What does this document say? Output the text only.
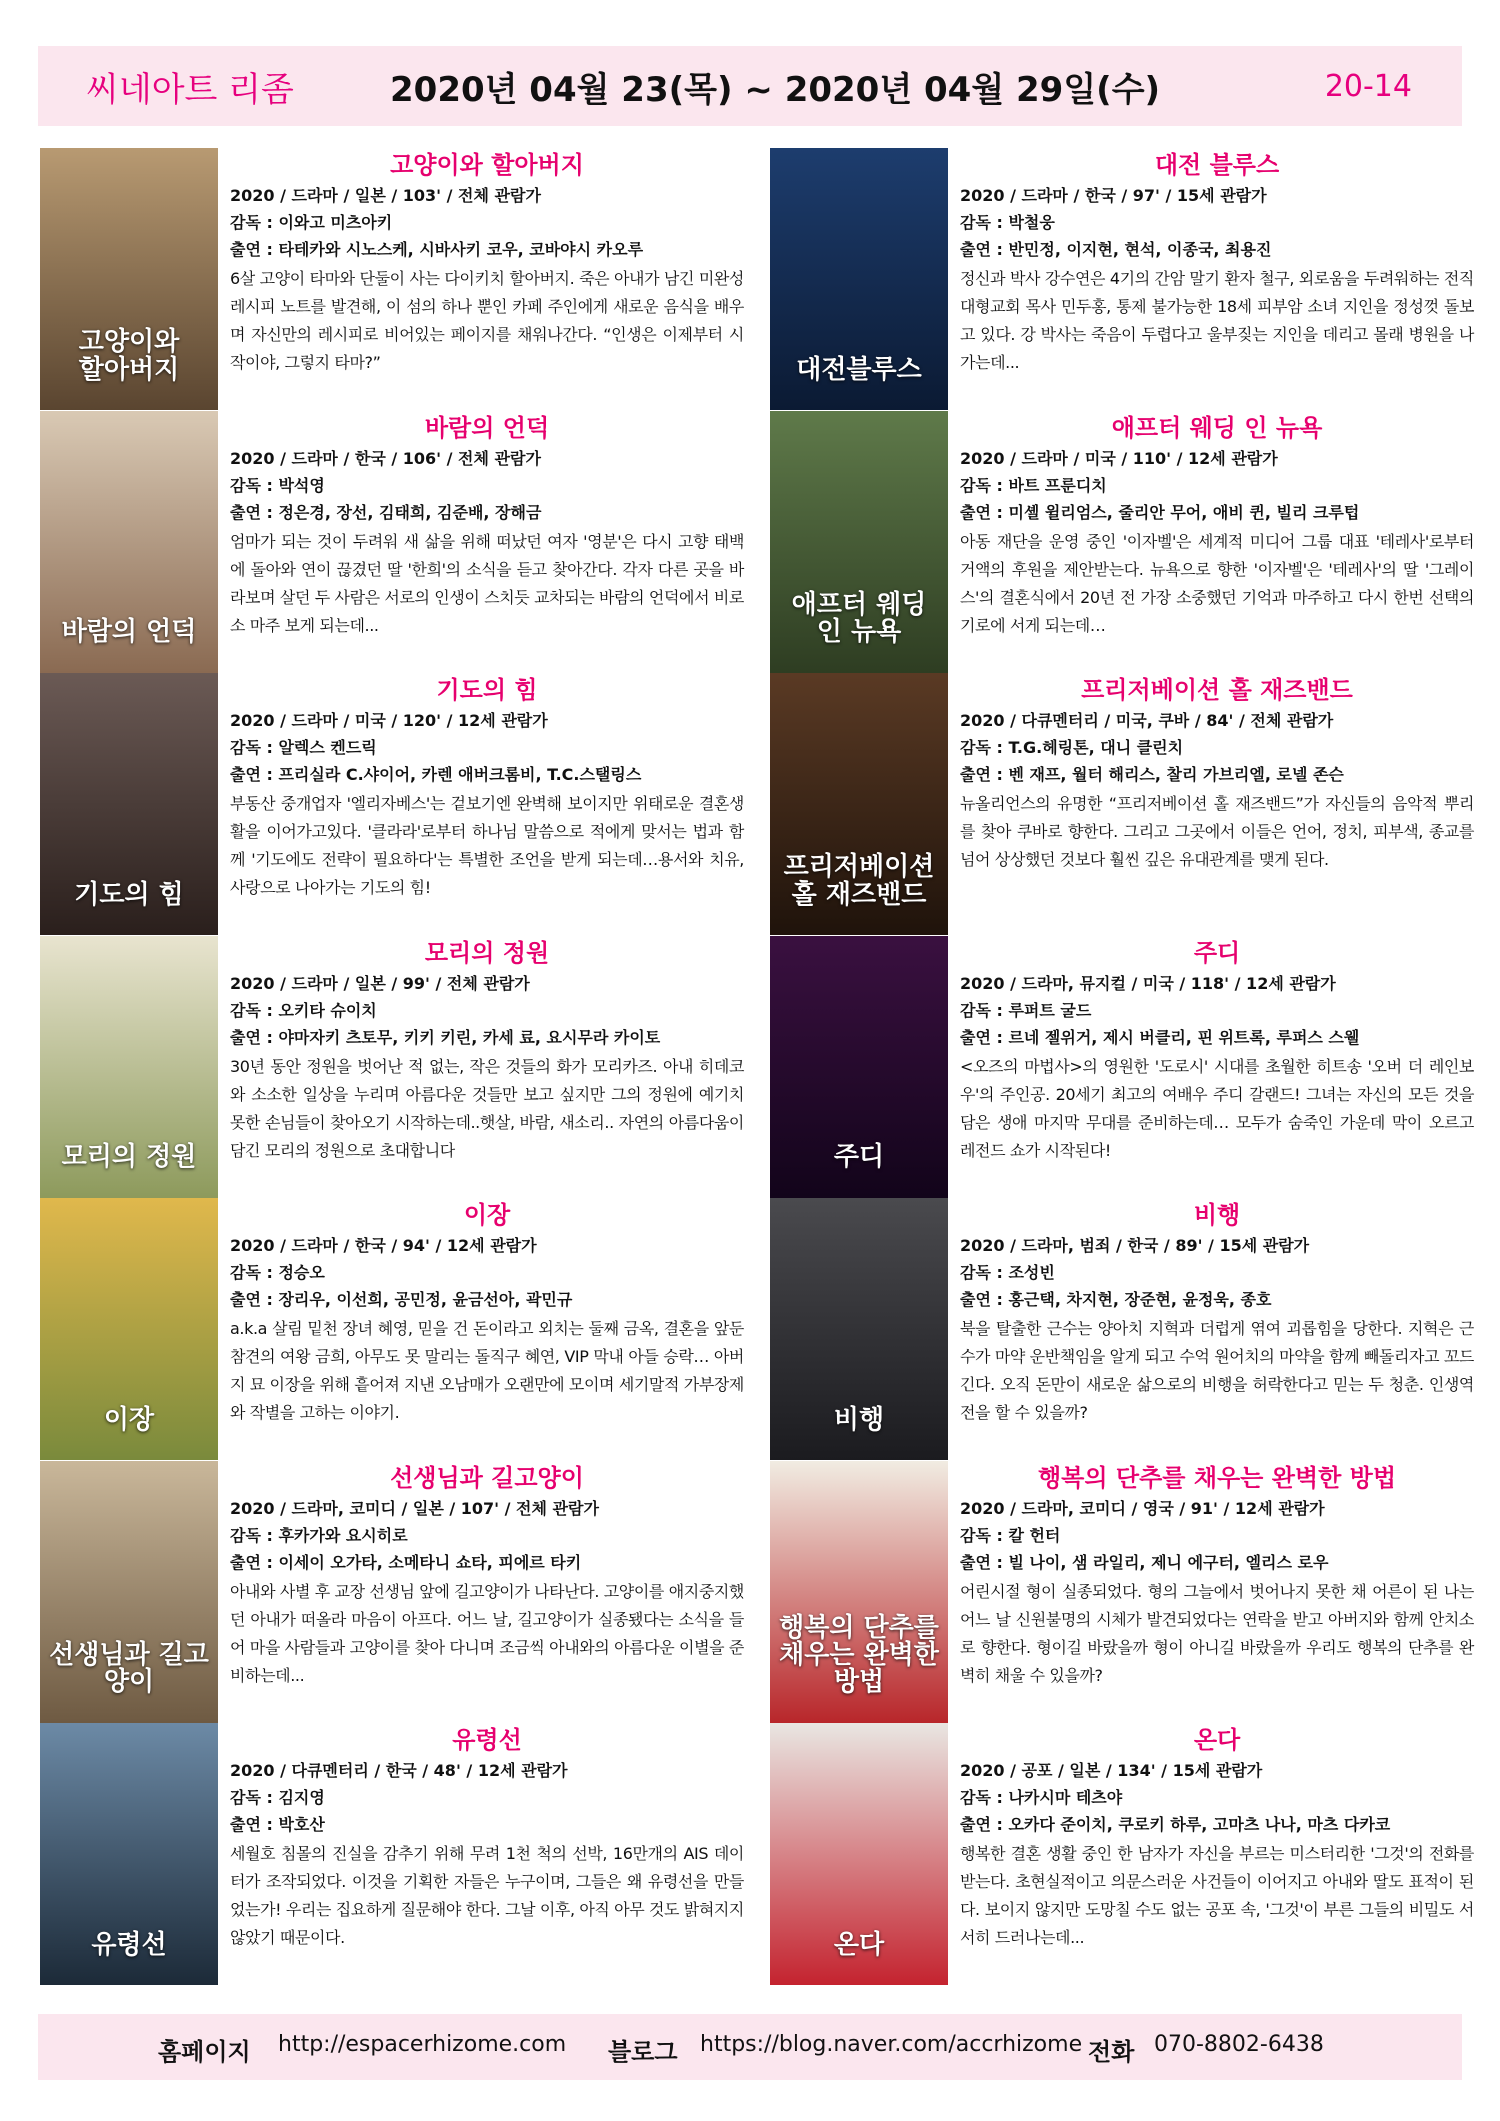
씨네아트 리좀	2020년 04월 23(목) ~ 2020년 04월 29일(수)	20-14
고양이와
할아버지
고양이와 할아버지
2020 / 드라마 / 일본 / 103' / 전체 관람가
감독 : 이와고 미츠아키
출연 : 타테카와 시노스케, 시바사키 코우, 코바야시 카오루
6살 고양이 타마와 단둘이 사는 다이키치 할아버지. 죽은 아내가 남긴 미완성 레시피 노트를 발견해, 이 섬의 하나 뿐인 카페 주인에게 새로운 음식을 배우며 자신만의 레시피로 비어있는 페이지를 채워나간다. “인생은 이제부터 시작이야, 그렇지 타마?”	대전블루스
대전 블루스
2020 / 드라마 / 한국 / 97' / 15세 관람가
감독 : 박철웅
출연 : 반민정, 이지현, 현석, 이종국, 최용진
정신과 박사 강수연은 4기의 간암 말기 환자 철구, 외로움을 두려워하는 전직 대형교회 목사 민두홍, 통제 불가능한 18세 피부암 소녀 지인을 정성껏 돌보고 있다. 강 박사는 죽음이 두렵다고 울부짖는 지인을 데리고 몰래 병원을 나가는데...
바람의 언덕
바람의 언덕
2020 / 드라마 / 한국 / 106' / 전체 관람가
감독 : 박석영
출연 : 정은경, 장선, 김태희, 김준배, 장해금
엄마가 되는 것이 두려워 새 삶을 위해 떠났던 여자 '영분'은 다시 고향 태백에 돌아와 연이 끊겼던 딸 '한희'의 소식을 듣고 찾아간다. 각자 다른 곳을 바라보며 살던 두 사람은 서로의 인생이 스치듯 교차되는 바람의 언덕에서 비로소 마주 보게 되는데...
애프터 웨딩 인 뉴욕
애프터 웨딩 인 뉴욕
2020 / 드라마 / 미국 / 110' / 12세 관람가
감독 : 바트 프룬디치
출연 : 미셸 윌리엄스, 줄리안 무어, 애비 퀸, 빌리 크루텁
아동 재단을 운영 중인 '이자벨'은 세계적 미디어 그룹 대표 '테레사'로부터 거액의 후원을 제안받는다. 뉴욕으로 향한 '이자벨'은 '테레사'의 딸 '그레이스'의 결혼식에서 20년 전 가장 소중했던 기억과 마주하고 다시 한번 선택의 기로에 서게 되는데…
기도의 힘
기도의 힘
2020 / 드라마 / 미국 / 120' / 12세 관람가
감독 : 알렉스 켄드릭
출연 : 프리실라 C.샤이어, 카렌 애버크롬비, T.C.스탤링스
부동산 중개업자 '엘리자베스'는 겉보기엔 완벽해 보이지만 위태로운 결혼생활을 이어가고있다. '클라라'로부터 하나님 말씀으로 적에게 맞서는 법과 함께 '기도에도 전략이 필요하다'는 특별한 조언을 받게 되는데…용서와 치유, 사랑으로 나아가는 기도의 힘!
프리저베이션 홀 재즈밴드
프리저베이션 홀 재즈밴드
2020 / 다큐멘터리 / 미국, 쿠바 / 84' / 전체 관람가
감독 : T.G.헤링톤, 대니 클린치
출연 : 벤 재프, 월터 해리스, 찰리 가브리엘, 로넬 존슨
뉴올리언스의 유명한 “프리저베이션 홀 재즈밴드”가 자신들의 음악적 뿌리를 찾아 쿠바로 향한다. 그리고 그곳에서 이들은 언어, 정치, 피부색, 종교를 넘어 상상했던 것보다 훨씬 깊은 유대관계를 맺게 된다.
모리의 정원
모리의 정원
2020 / 드라마 / 일본 / 99' / 전체 관람가
감독 : 오키타 슈이치
출연 : 야마자키 츠토무, 키키 키린, 카세 료, 요시무라 카이토
30년 동안 정원을 벗어난 적 없는, 작은 것들의 화가 모리카즈. 아내 히데코와 소소한 일상을 누리며 아름다운 것들만 보고 싶지만 그의 정원에 예기치 못한 손님들이 찾아오기 시작하는데..햇살, 바람, 새소리.. 자연의 아름다움이 담긴 모리의 정원으로 초대합니다	주디
주디
2020 / 드라마, 뮤지컬 / 미국 / 118' / 12세 관람가
감독 : 루퍼트 굴드
출연 : 르네 젤위거, 제시 버클리, 핀 위트록, 루퍼스 스웰
<오즈의 마법사>의 영원한 '도로시' 시대를 초월한 히트송 '오버 더 레인보우'의 주인공. 20세기 최고의 여배우 주디 갈랜드! 그녀는 자신의 모든 것을 담은 생애 마지막 무대를 준비하는데… 모두가 숨죽인 가운데 막이 오르고 레전드 쇼가 시작된다!
이장
이장
2020 / 드라마 / 한국 / 94' / 12세 관람가
감독 : 정승오
출연 : 장리우, 이선희, 공민정, 윤금선아, 곽민규
a.k.a 살림 밑천 장녀 혜영, 믿을 건 돈이라고 외치는 둘째 금옥, 결혼을 앞둔 참견의 여왕 금희, 아무도 못 말리는 돌직구 혜연, VIP 막내 아들 승락… 아버지 묘 이장을 위해 흩어져 지낸 오남매가 오랜만에 모이며 세기말적 가부장제와 작별을 고하는 이야기.	비행
비행
2020 / 드라마, 범죄 / 한국 / 89' / 15세 관람가
감독 : 조성빈
출연 : 홍근택, 차지현, 장준현, 윤정욱, 종호
북을 탈출한 근수는 양아치 지혁과 더럽게 엮여 괴롭힘을 당한다. 지혁은 근수가 마약 운반책임을 알게 되고 수억 원어치의 마약을 함께 빼돌리자고 꼬드긴다. 오직 돈만이 새로운 삶으로의 비행을 허락한다고 믿는 두 청춘. 인생역전을 할 수 있을까?
선생님과 길고양이
선생님과 길고양이
2020 / 드라마, 코미디 / 일본 / 107' / 전체 관람가
감독 : 후카가와 요시히로
출연 : 이세이 오가타, 소메타니 쇼타, 피에르 타키
아내와 사별 후 교장 선생님 앞에 길고양이가 나타난다. 고양이를 애지중지했던 아내가 떠올라 마음이 아프다. 어느 날, 길고양이가 실종됐다는 소식을 들어 마을 사람들과 고양이를 찾아 다니며 조금씩 아내와의 아름다운 이별을 준비하는데...
행복의 단추를 채우는 완벽한 방법
행복의 단추를 채우는 완벽한 방법
2020 / 드라마, 코미디 / 영국 / 91' / 12세 관람가
감독 : 칼 헌터
출연 : 빌 나이, 샘 라일리, 제니 에구터, 엘리스 로우
어린시절 형이 실종되었다. 형의 그늘에서 벗어나지 못한 채 어른이 된 나는 어느 날 신원불명의 시체가 발견되었다는 연락을 받고 아버지와 함께 안치소로 향한다. 형이길 바랐을까 형이 아니길 바랐을까 우리도 행복의 단추를 완벽히 채울 수 있을까?
유령선
유령선
2020 / 다큐멘터리 / 한국 / 48' / 12세 관람가
감독 : 김지영
출연 : 박호산
세월호 침몰의 진실을 감추기 위해 무려 1천 척의 선박, 16만개의 AIS 데이터가 조작되었다. 이것을 기획한 자들은 누구이며, 그들은 왜 유령선을 만들었는가! 우리는 집요하게 질문해야 한다. 그날 이후, 아직 아무 것도 밝혀지지 않았기 때문이다.	온다
온다
2020 / 공포 / 일본 / 134' / 15세 관람가
감독 : 나카시마 테츠야
출연 : 오카다 준이치, 쿠로키 하루, 고마츠 나나, 마츠 다카코
행복한 결혼 생활 중인 한 남자가 자신을 부르는 미스터리한 '그것'의 전화를 받는다. 초현실적이고 의문스러운 사건들이 이어지고 아내와 딸도 표적이 된다. 보이지 않지만 도망칠 수도 없는 공포 속, '그것'이 부른 그들의 비밀도 서서히 드러나는데...
홈페이지 http://espacerhizome.com 블로그 https://blog.naver.com/accrhizome 전화 070-8802-6438
